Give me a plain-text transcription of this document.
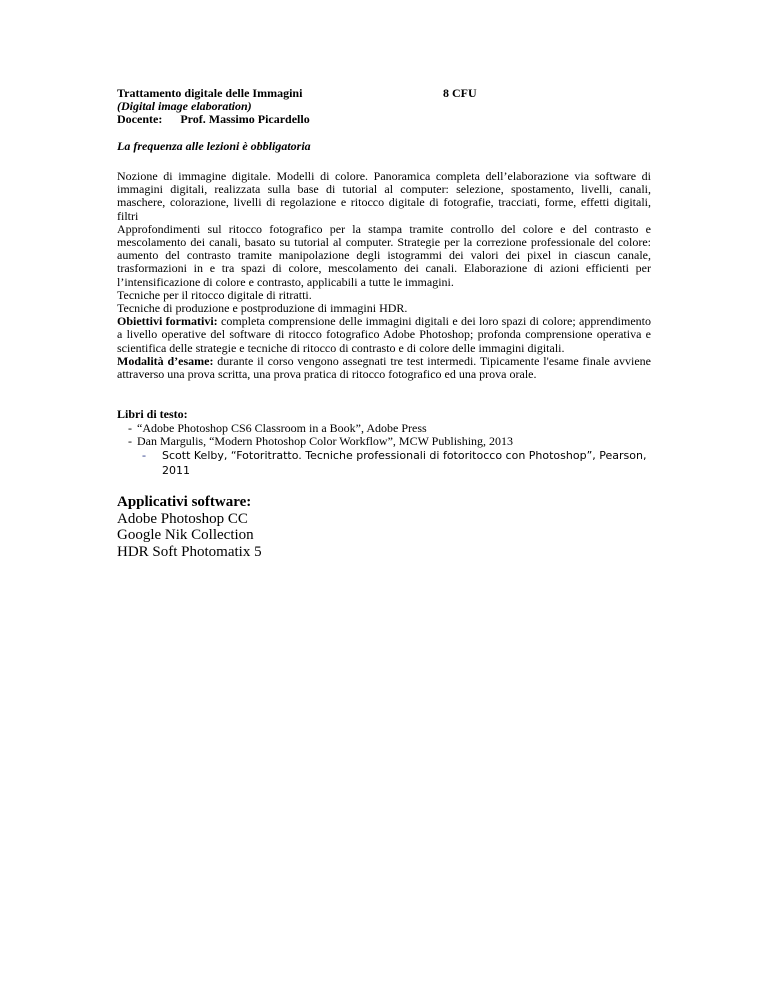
Trattamento digitale delle Immagini	8 CFU
(Digital image elaboration)
Docente: Prof. Massimo Picardello
La frequenza alle lezioni è obbligatoria

Nozione di immagine digitale. Modelli di colore. Panoramica completa dell’elaborazione via software di immagini digitali, realizzata sulla base di tutorial al computer: selezione, spostamento, livelli, canali, maschere, colorazione, livelli di regolazione e ritocco digitale di fotografie, tracciati, forme, effetti digitali, filtri

Approfondimenti sul ritocco fotografico per la stampa tramite controllo del colore e del contrasto e mescolamento dei canali, basato su tutorial al computer. Strategie per la correzione professionale del colore: aumento del contrasto tramite manipolazione degli istogrammi dei valori dei pixel in ciascun canale, trasformazioni in e tra spazi di colore, mescolamento dei canali. Elaborazione di azioni efficienti per l’intensificazione di colore e contrasto, applicabili a tutte le immagini.

Tecniche per il ritocco digitale di ritratti.

Tecniche di produzione e postproduzione di immagini HDR.

Obiettivi formativi: completa comprensione delle immagini digitali e dei loro spazi di colore; apprendimento a livello operative del software di ritocco fotografico Adobe Photoshop; profonda comprensione operativa e scientifica delle strategie e tecniche di ritocco di contrasto e di colore delle immagini digitali.

Modalità d’esame: durante il corso vengono assegnati tre test intermedi. Tipicamente l'esame finale avviene attraverso una prova scritta, una prova pratica di ritocco fotografico ed una prova orale.

Libri di testo:
- “Adobe Photoshop CS6 Classroom in a Book”, Adobe Press
- Dan Margulis, “Modern Photoshop Color Workflow”, MCW Publishing, 2013
- Scott Kelby, “Fotoritratto. Tecniche professionali di fotoritocco con Photoshop”, Pearson, 2011
Applicativi software:
Adobe Photoshop CC
Google Nik Collection
HDR Soft Photomatix 5
